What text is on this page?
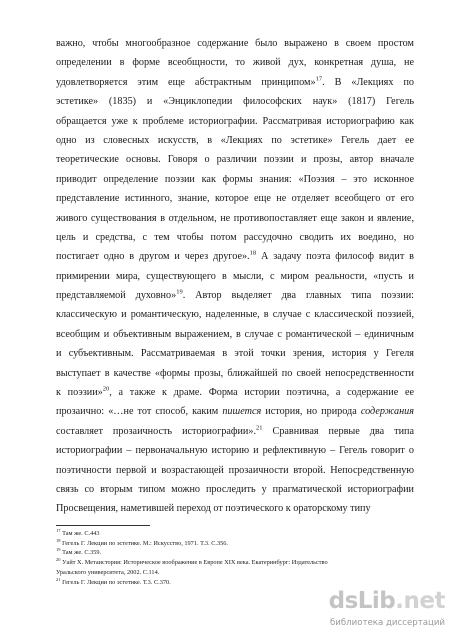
важно, чтобы многообразное содержание было выражено в своем простом
определении в форме всеобщности, то живой дух, конкретная душа, не
удовлетворяется этим еще абстрактным принципом»$^{17}$. В «Лекциях по
эстетике» (1835) и «Энциклопедии философских наук» (1817) Гегель
обращается уже к проблеме историографии. Рассматривая историографию как
одно из словесных искусств, в «Лекциях по эстетике» Гегель дает ее
теоретические основы. Говоря о различии поэзии и прозы, автор вначале
приводит определение поэзии как формы знания: «Поэзия – это исконное
представление истинного, знание, которое еще не отделяет всеобщего от его
живого существования в отдельном, не противопоставляет еще закон и явление,
цель и средства, с тем чтобы потом рассудочно сводить их воедино, но
постигает одно в другом и через другое».$^{18}$ А задачу поэта философ видит в
примирении мира, существующего в мысли, с миром реальности, «пусть и
представляемой духовно»$^{19}$. Автор выделяет два главных типа поэзии:
классическую и романтическую, наделенные, в случае с классической поэзией,
всеобщим и объективным выражением, в случае с романтической – единичным
и субъективным. Рассматриваемая в этой точки зрения, история у Гегеля
выступает в качестве «формы прозы, ближайшей по своей непосредственности
к поэзии»$^{20}$, а также к драме. Форма истории поэтична, а содержание ее
прозаично: «…не тот способ, каким пишется история, но природа содержания
составляет прозаичность историографии».$^{21}$ Сравнивая первые два типа
историографии – первоначальную историю и рефлективную – Гегель говорит о
поэтичности первой и возрастающей прозаичности второй. Непосредственную
связь со вторым типом можно проследить у прагматической историографии
Просвещения, наметившей переход от поэтического к ораторскому типу
$^{17}$ Там же. С.443
$^{18}$ Гегель Г. Лекции по эстетике. М.: Искусство, 1971. Т.3. С.356.
$^{19}$ Там же. С.359.
$^{20}$ Уайт Х. Метаистория: Историческое воображение в Европе XIX века. Екатеринбург: Издательство
Уральского университета, 2002. С.114.
$^{21}$ Гегель Г. Лекции по эстетике. Т.3. С.370.
dsLib.net
библиотека диссертаций
